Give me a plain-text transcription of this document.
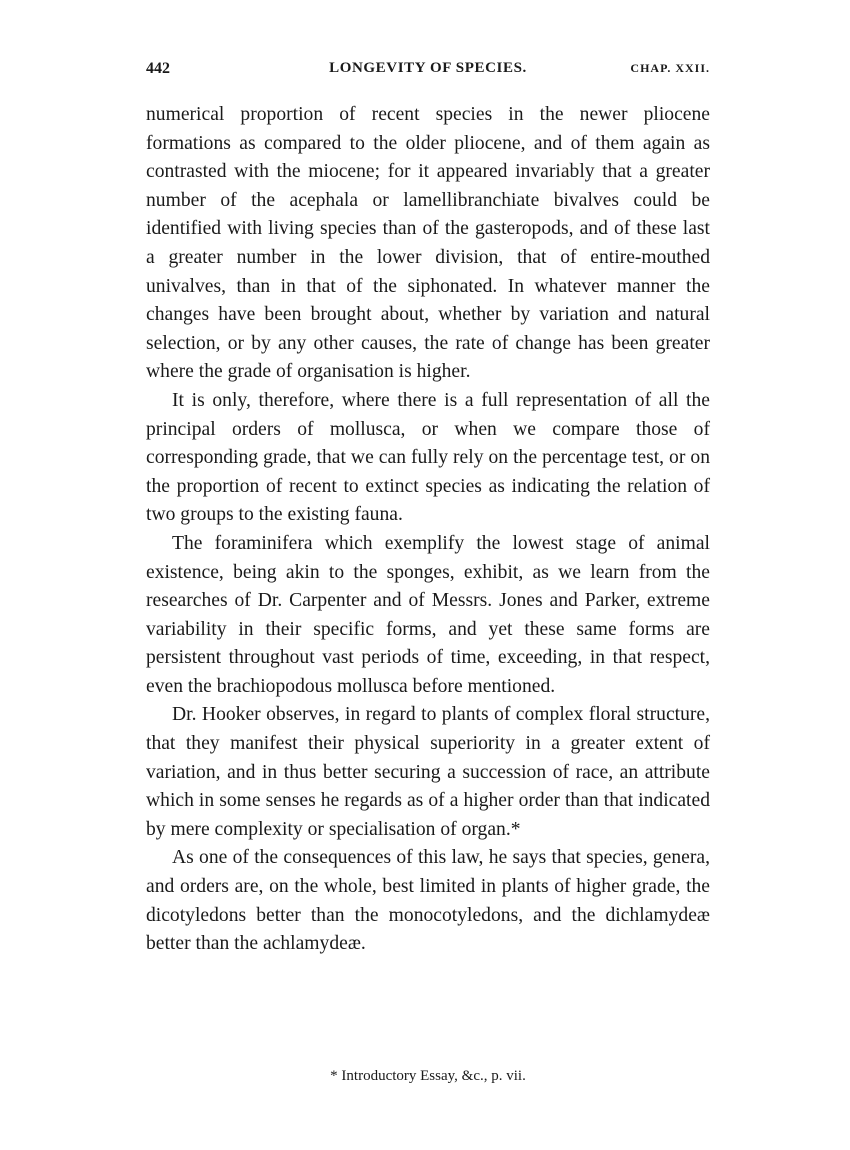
442	LONGEVITY OF SPECIES.	CHAP. XXII.

numerical proportion of recent species in the newer pliocene formations as compared to the older pliocene, and of them again as contrasted with the miocene; for it appeared invariably that a greater number of the acephala or lamellibranchiate bivalves could be identified with living species than of the gasteropods, and of these last a greater number in the lower division, that of entire-mouthed univalves, than in that of the siphonated. In whatever manner the changes have been brought about, whether by variation and natural selection, or by any other causes, the rate of change has been greater where the grade of organisation is higher.

It is only, therefore, where there is a full representation of all the principal orders of mollusca, or when we compare those of corresponding grade, that we can fully rely on the percentage test, or on the proportion of recent to extinct species as indicating the relation of two groups to the existing fauna.

The foraminifera which exemplify the lowest stage of animal existence, being akin to the sponges, exhibit, as we learn from the researches of Dr. Carpenter and of Messrs. Jones and Parker, extreme variability in their specific forms, and yet these same forms are persistent throughout vast periods of time, exceeding, in that respect, even the brachiopodous mollusca before mentioned.

Dr. Hooker observes, in regard to plants of complex floral structure, that they manifest their physical superiority in a greater extent of variation, and in thus better securing a succession of race, an attribute which in some senses he regards as of a higher order than that indicated by mere complexity or specialisation of organ.*

As one of the consequences of this law, he says that species, genera, and orders are, on the whole, best limited in plants of higher grade, the dicotyledons better than the monocotyledons, and the dichlamydeæ better than the achlamydeæ.

* Introductory Essay, &c., p. vii.
